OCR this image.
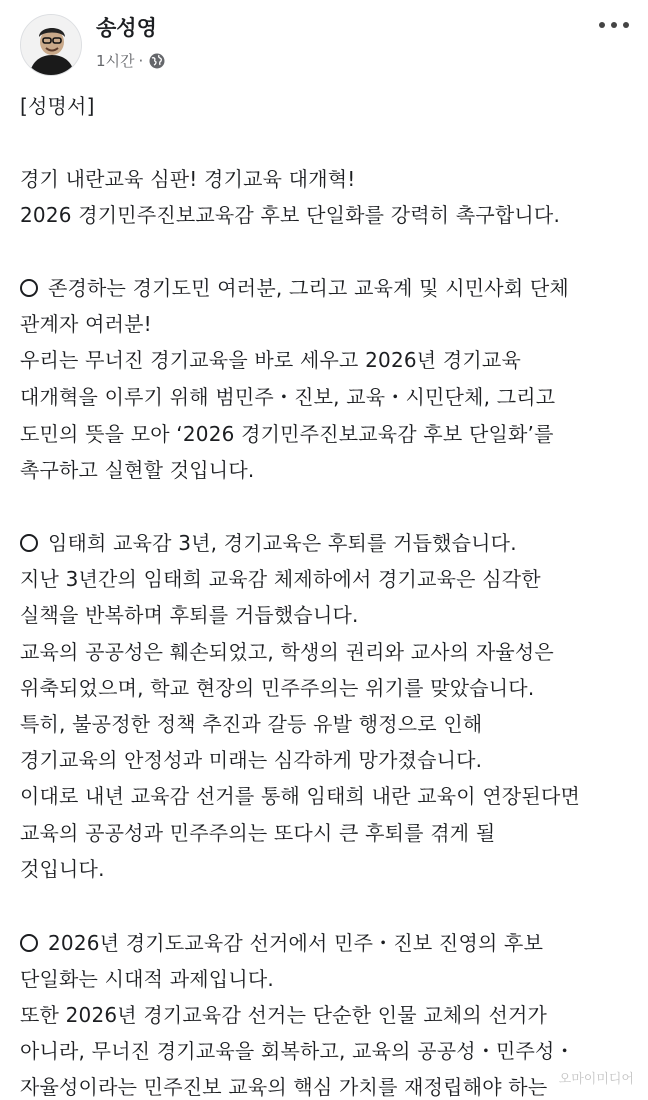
송성영
1시간 ·
[성명서]
경기 내란교육 심판! 경기교육 대개혁!
2026 경기민주진보교육감 후보 단일화를 강력히 촉구합니다.
존경하는 경기도민 여러분, 그리고 교육계 및 시민사회 단체
관계자 여러분!
우리는 무너진 경기교육을 바로 세우고 2026년 경기교육
대개혁을 이루기 위해 범민주・진보, 교육・시민단체, 그리고
도민의 뜻을 모아 ‘2026 경기민주진보교육감 후보 단일화’를
촉구하고 실현할 것입니다.
임태희 교육감 3년, 경기교육은 후퇴를 거듭했습니다.
지난 3년간의 임태희 교육감 체제하에서 경기교육은 심각한
실책을 반복하며 후퇴를 거듭했습니다.
교육의 공공성은 훼손되었고, 학생의 권리와 교사의 자율성은
위축되었으며, 학교 현장의 민주주의는 위기를 맞았습니다.
특히, 불공정한 정책 추진과 갈등 유발 행정으로 인해
경기교육의 안정성과 미래는 심각하게 망가졌습니다.
이대로 내년 교육감 선거를 통해 임태희 내란 교육이 연장된다면
교육의 공공성과 민주주의는 또다시 큰 후퇴를 겪게 될
것입니다.
2026년 경기도교육감 선거에서 민주・진보 진영의 후보
단일화는 시대적 과제입니다.
또한 2026년 경기교육감 선거는 단순한 인물 교체의 선거가
아니라, 무너진 경기교육을 회복하고, 교육의 공공성・민주성・
자율성이라는 민주진보 교육의 핵심 가치를 재정립해야 하는 오마이미디어
